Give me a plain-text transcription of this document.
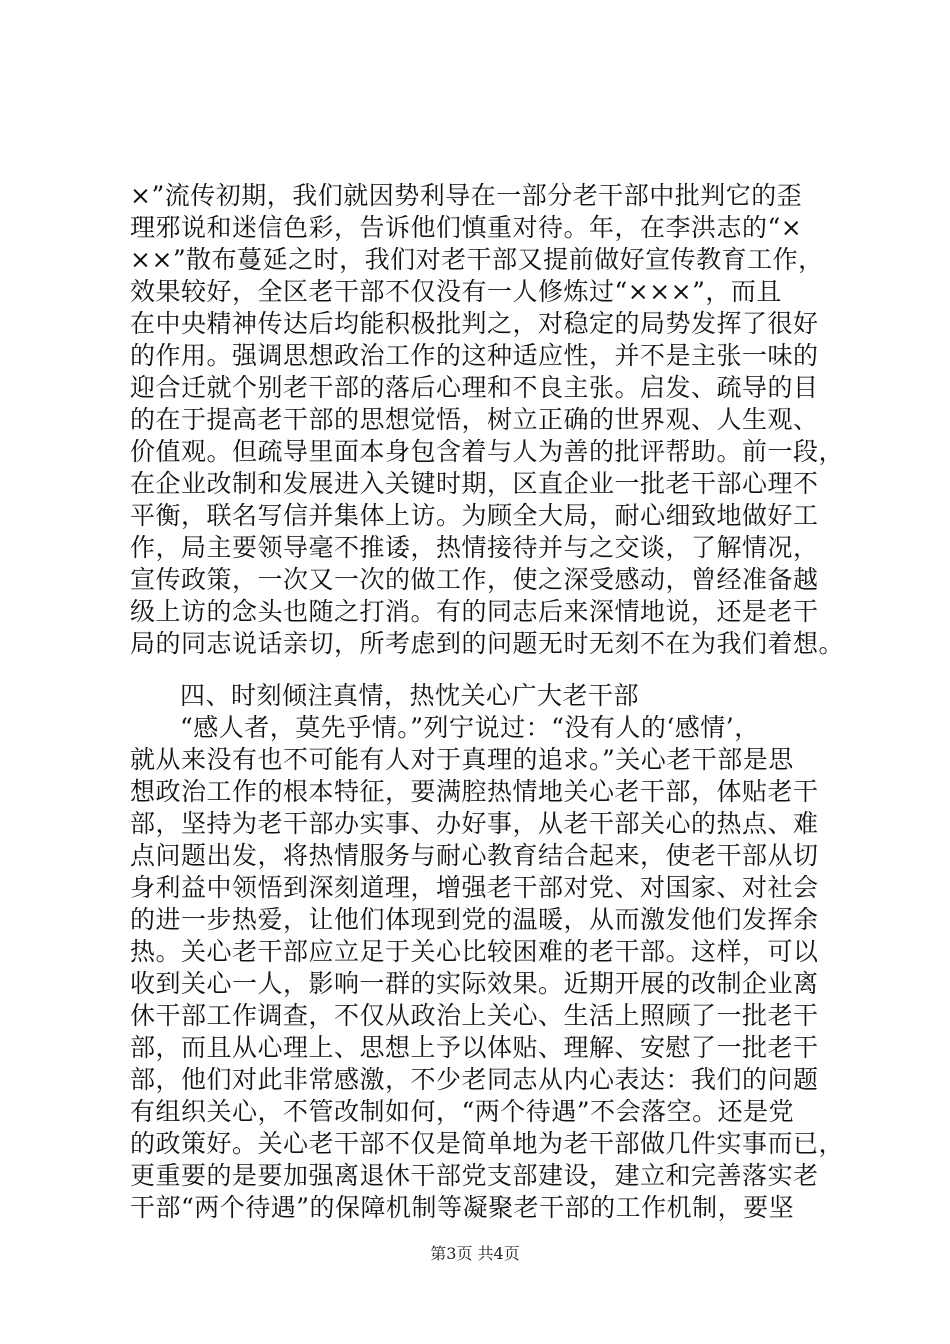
×”流传初期，我们就因势利导在一部分老干部中批判它的歪
理邪说和迷信色彩，告诉他们慎重对待。年，在李洪志的“×
××”散布蔓延之时，我们对老干部又提前做好宣传教育工作，
效果较好，全区老干部不仅没有一人修炼过“×××”，而且
在中央精神传达后均能积极批判之，对稳定的局势发挥了很好
的作用。强调思想政治工作的这种适应性，并不是主张一味的
迎合迁就个别老干部的落后心理和不良主张。启发、疏导的目
的在于提高老干部的思想觉悟，树立正确的世界观、人生观、
价值观。但疏导里面本身包含着与人为善的批评帮助。前一段，
在企业改制和发展进入关键时期，区直企业一批老干部心理不
平衡，联名写信并集体上访。为顾全大局，耐心细致地做好工
作，局主要领导毫不推诿，热情接待并与之交谈，了解情况，
宣传政策，一次又一次的做工作，使之深受感动，曾经准备越
级上访的念头也随之打消。有的同志后来深情地说，还是老干
局的同志说话亲切，所考虑到的问题无时无刻不在为我们着想。
四、时刻倾注真情，热忱关心广大老干部
“感人者，莫先乎情。”列宁说过：“没有人的‘感情’，
就从来没有也不可能有人对于真理的追求。”关心老干部是思
想政治工作的根本特征，要满腔热情地关心老干部，体贴老干
部，坚持为老干部办实事、办好事，从老干部关心的热点、难
点问题出发，将热情服务与耐心教育结合起来，使老干部从切
身利益中领悟到深刻道理，增强老干部对党、对国家、对社会
的进一步热爱，让他们体现到党的温暖，从而激发他们发挥余
热。关心老干部应立足于关心比较困难的老干部。这样，可以
收到关心一人，影响一群的实际效果。近期开展的改制企业离
休干部工作调查，不仅从政治上关心、生活上照顾了一批老干
部，而且从心理上、思想上予以体贴、理解、安慰了一批老干
部，他们对此非常感激，不少老同志从内心表达：我们的问题
有组织关心，不管改制如何，“两个待遇”不会落空。还是党
的政策好。关心老干部不仅是简单地为老干部做几件实事而已，
更重要的是要加强离退休干部党支部建设，建立和完善落实老
干部“两个待遇”的保障机制等凝聚老干部的工作机制，要坚
第3页 共4页
